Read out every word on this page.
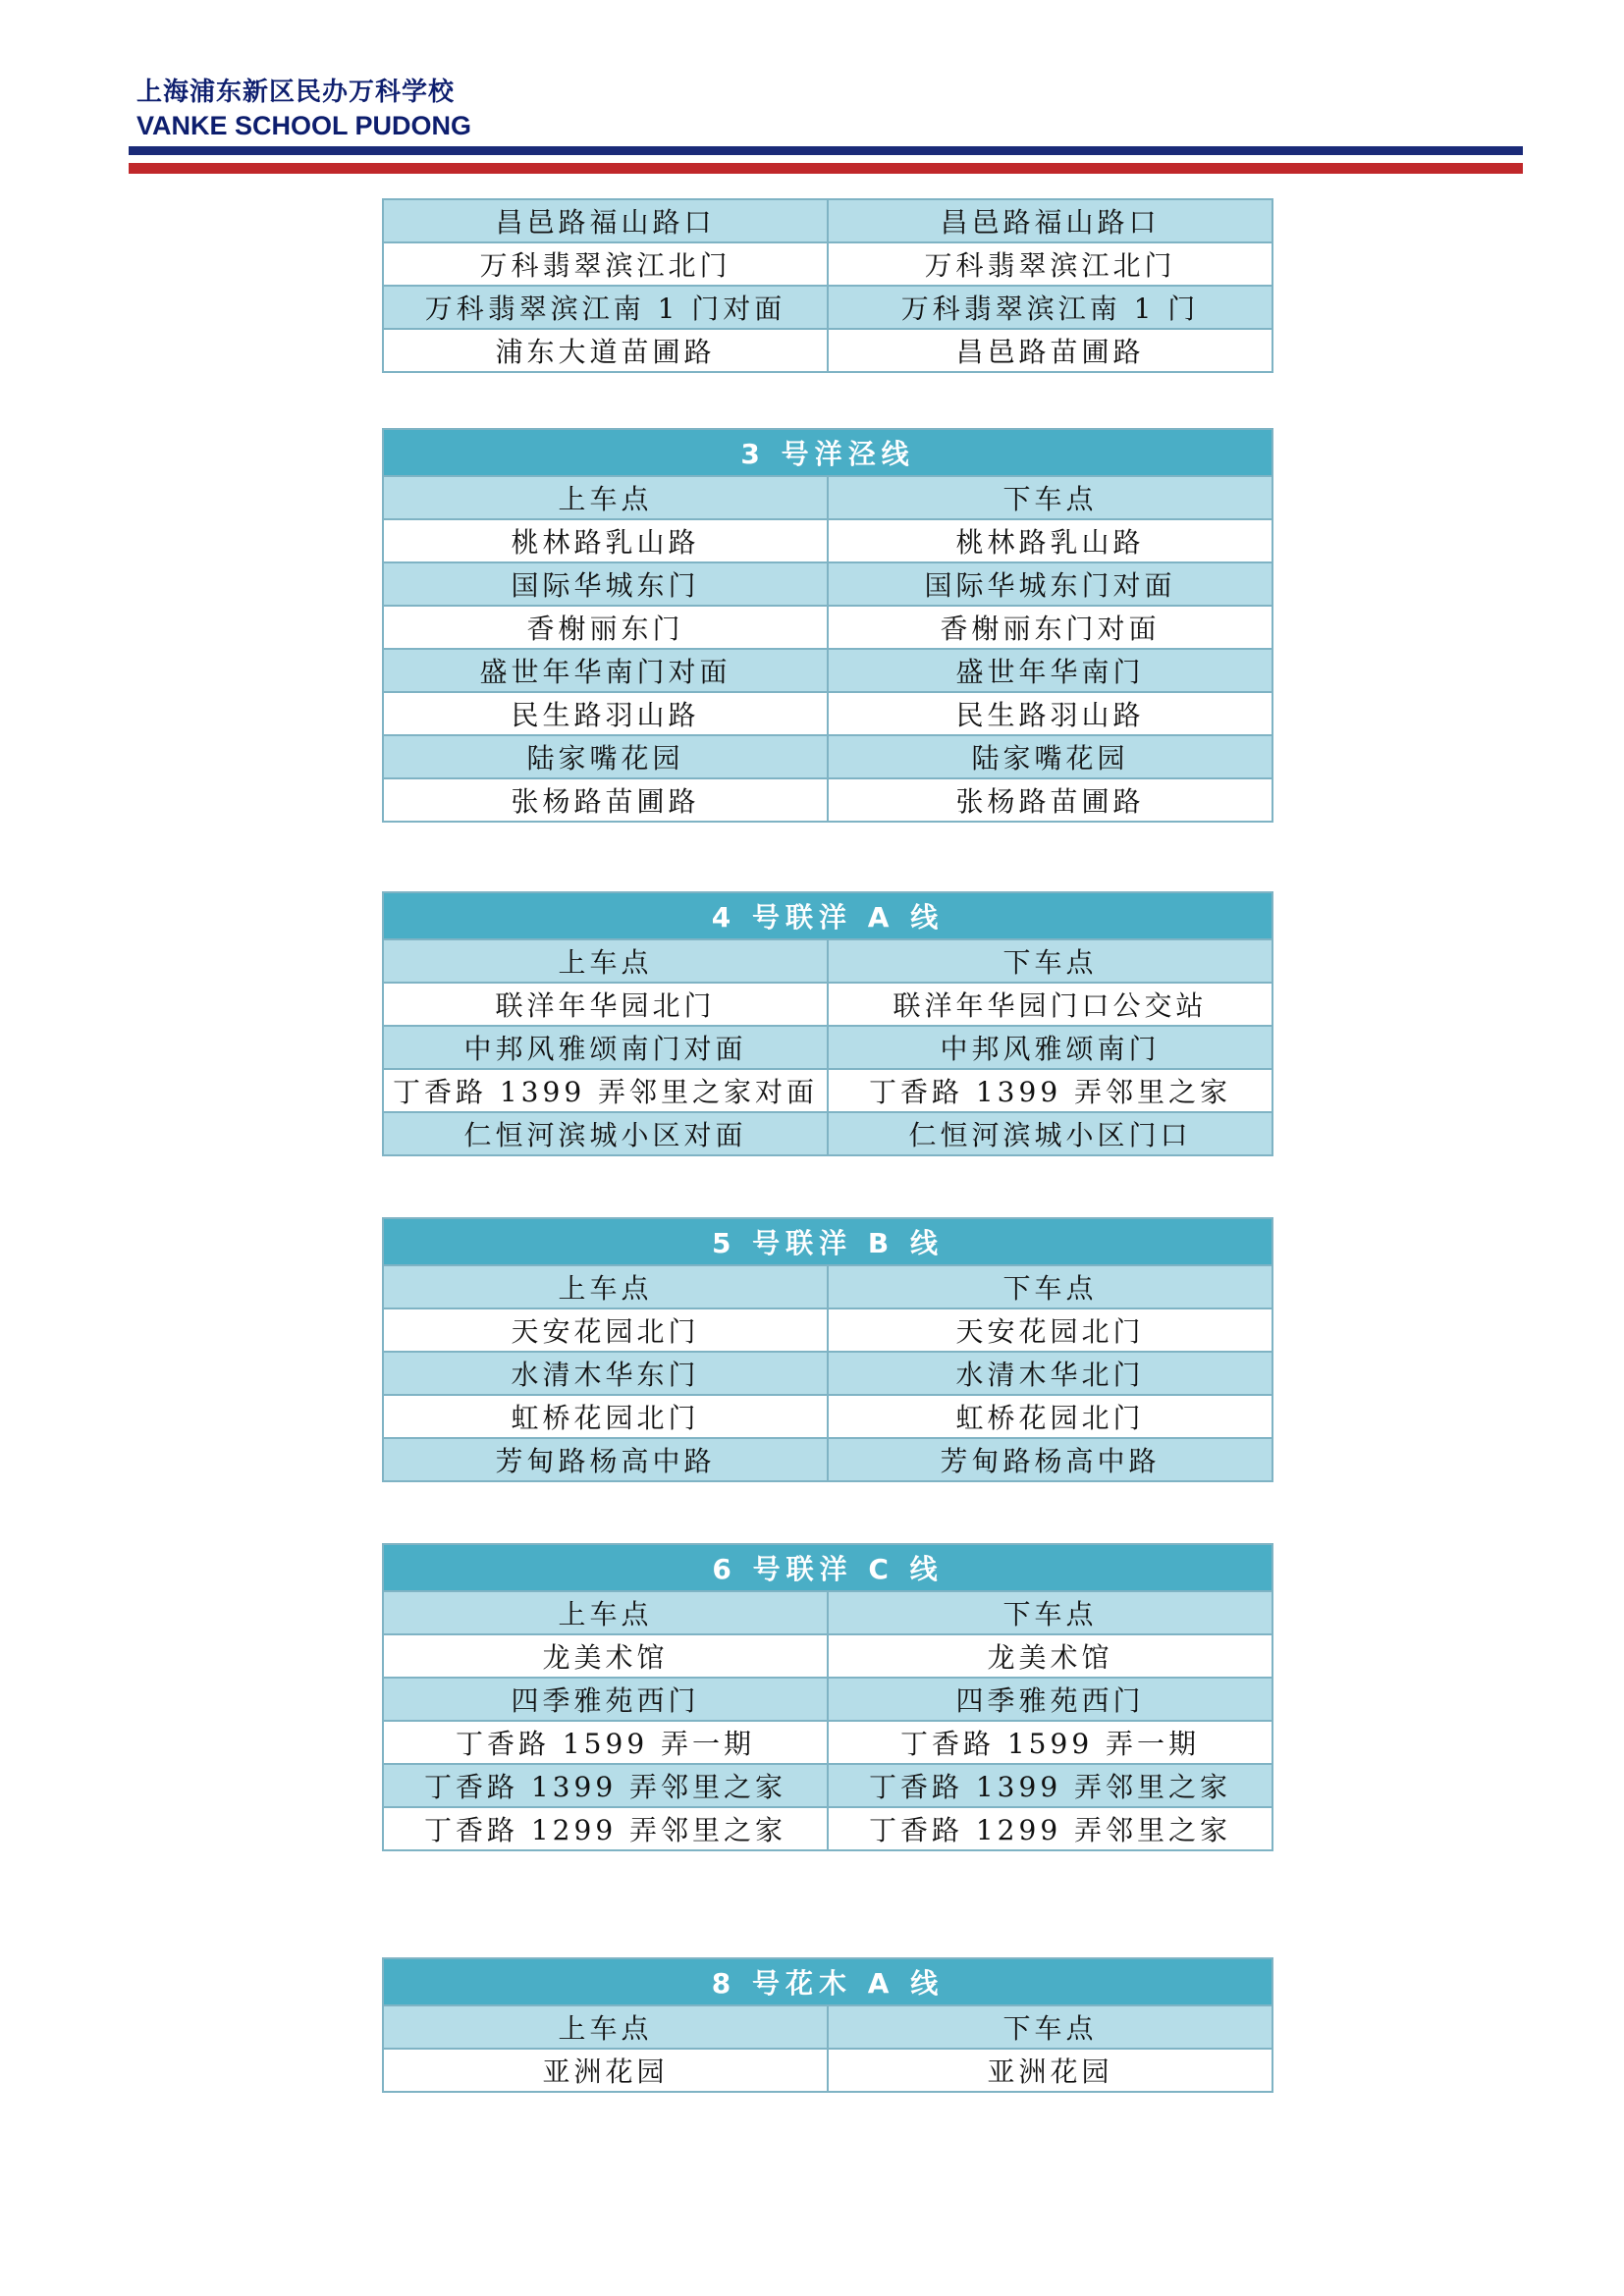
上海浦东新区民办万科学校
VANKE SCHOOL PUDONG
昌邑路福山路口	昌邑路福山路口
万科翡翠滨江北门	万科翡翠滨江北门
万科翡翠滨江南 1 门对面	万科翡翠滨江南 1 门
浦东大道苗圃路	昌邑路苗圃路
3 号洋泾线	
上车点	下车点
桃林路乳山路	桃林路乳山路
国际华城东门	国际华城东门对面
香榭丽东门	香榭丽东门对面
盛世年华南门对面	盛世年华南门
民生路羽山路	民生路羽山路
陆家嘴花园	陆家嘴花园
张杨路苗圃路	张杨路苗圃路
4 号联洋 A 线	
上车点	下车点
联洋年华园北门	联洋年华园门口公交站
中邦风雅颂南门对面	中邦风雅颂南门
丁香路 1399 弄邻里之家对面	丁香路 1399 弄邻里之家
仁恒河滨城小区对面	仁恒河滨城小区门口
5 号联洋 B 线	
上车点	下车点
天安花园北门	天安花园北门
水清木华东门	水清木华北门
虹桥花园北门	虹桥花园北门
芳甸路杨高中路	芳甸路杨高中路
6 号联洋 C 线	
上车点	下车点
龙美术馆	龙美术馆
四季雅苑西门	四季雅苑西门
丁香路 1599 弄一期	丁香路 1599 弄一期
丁香路 1399 弄邻里之家	丁香路 1399 弄邻里之家
丁香路 1299 弄邻里之家	丁香路 1299 弄邻里之家
8 号花木 A 线	
上车点	下车点
亚洲花园	亚洲花园
